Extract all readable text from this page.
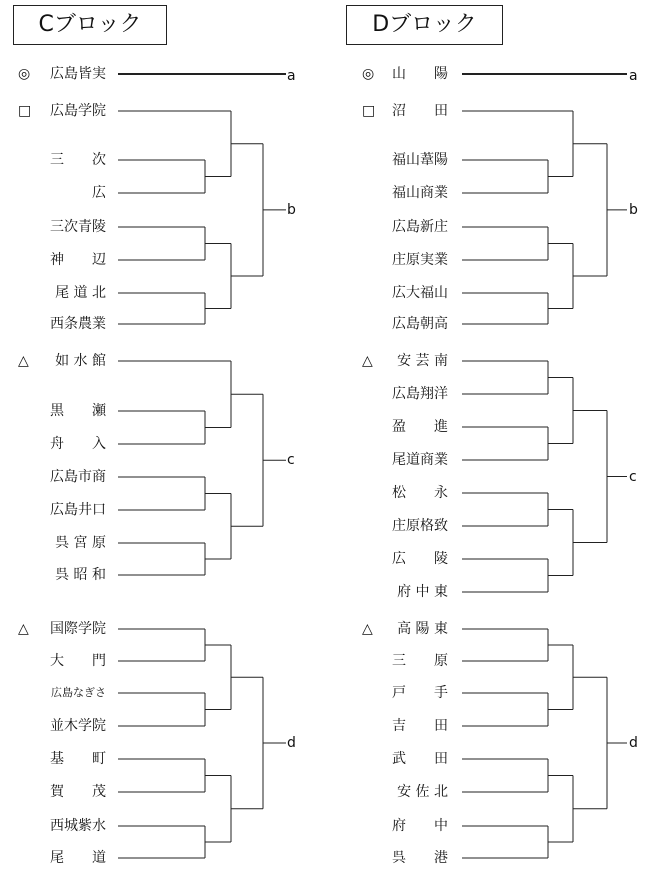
Cブロック	Dブロック
◎	広島皆実	a
広島学院
三　　次
広
三次青陵
神　　辺
尾 道 北
西条農業
□
b
如 水 館
黒　　瀬
舟　　入
広島市商
広島井口
呉 宮 原
呉 昭 和
△
c
国際学院
大　　門
広島なぎさ
並木学院
基　　町
賀　　茂
西城紫水
尾　　道
△
d
◎	山　　陽	a
沼　　田
福山葦陽
福山商業
広島新庄
庄原実業
広大福山
広島朝高
□
b
安 芸 南
広島翔洋
盈　　進
尾道商業
松　　永
庄原格致
広　　陵
府 中 東
△
c
高 陽 東
三　　原
戸　　手
吉　　田
武　　田
安 佐 北
府　　中
呉　　港
△
d
